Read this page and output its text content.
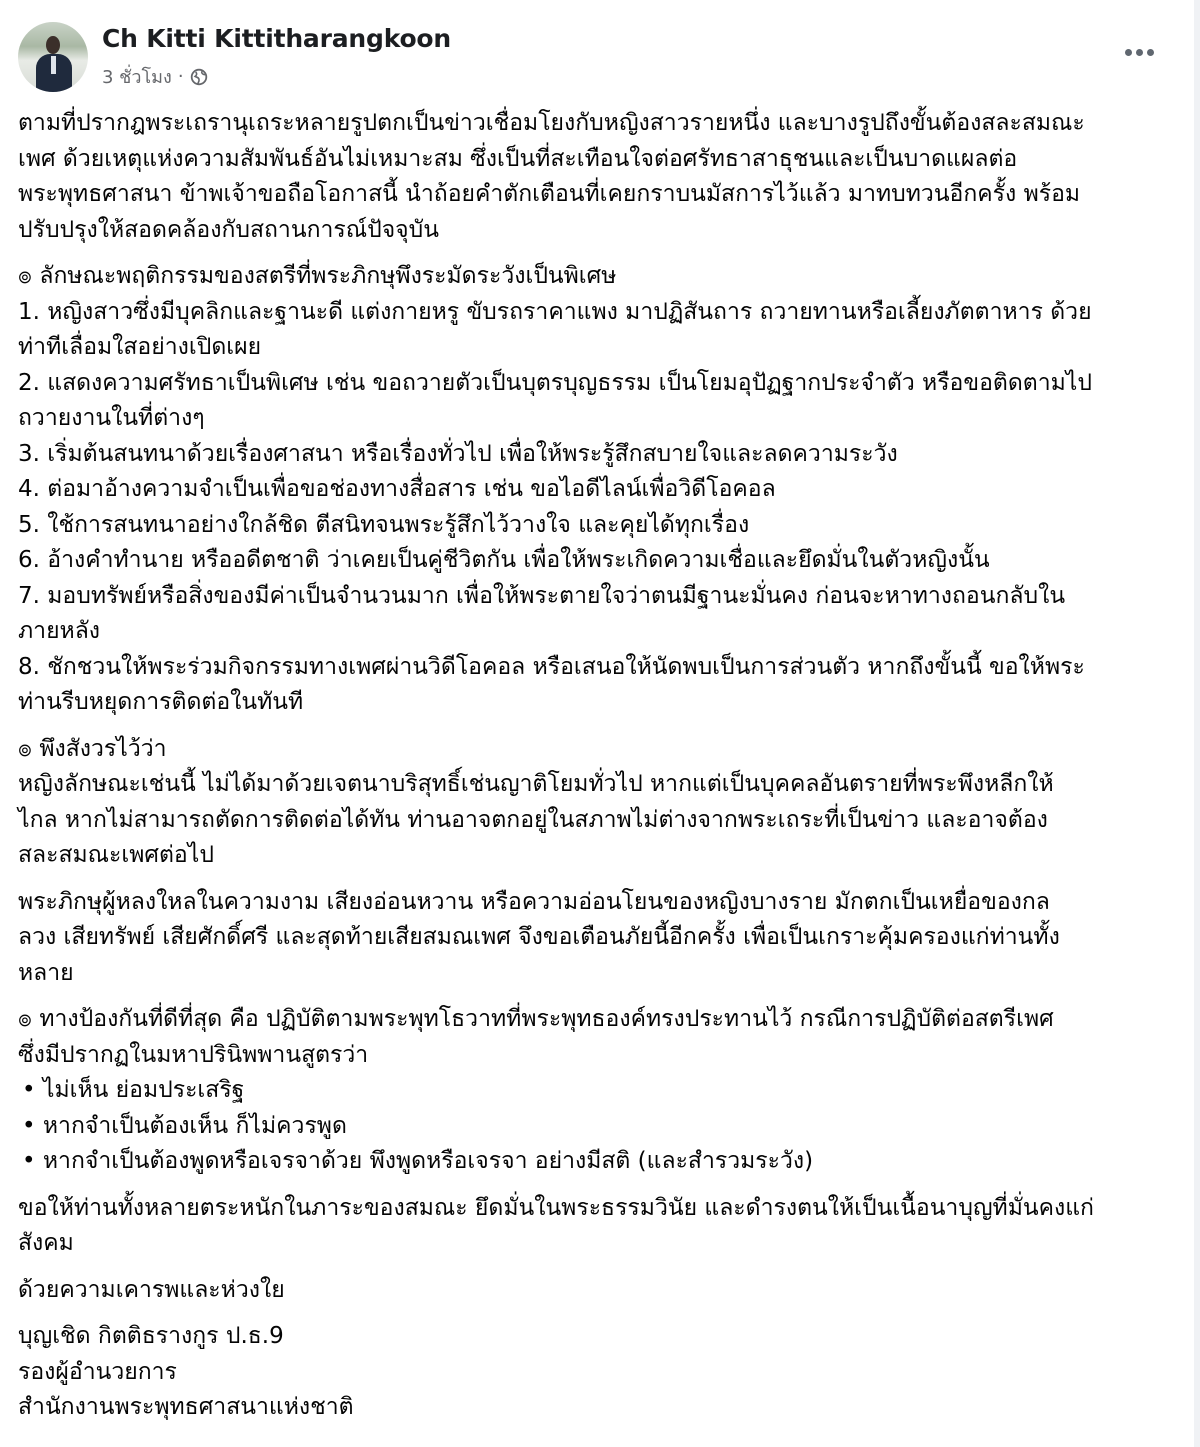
Ch Kitti Kittitharangkoon
3 ชั่วโมง ·
ตามที่ปรากฎพระเถรานุเถระหลายรูปตกเป็นข่าวเชื่อมโยงกับหญิงสาวรายหนึ่ง และบางรูปถึงขั้นต้องสละสมณะ
เพศ ด้วยเหตุแห่งความสัมพันธ์อันไม่เหมาะสม ซึ่งเป็นที่สะเทือนใจต่อศรัทธาสาธุชนและเป็นบาดแผลต่อ
พระพุทธศาสนา ข้าพเจ้าขอถือโอกาสนี้ นำถ้อยคำตักเตือนที่เคยกราบนมัสการไว้แล้ว มาทบทวนอีกครั้ง พร้อม
ปรับปรุงให้สอดคล้องกับสถานการณ์ปัจจุบัน
๏ ลักษณะพฤติกรรมของสตรีที่พระภิกษุพึงระมัดระวังเป็นพิเศษ
1. หญิงสาวซึ่งมีบุคลิกและฐานะดี แต่งกายหรู ขับรถราคาแพง มาปฏิสันถาร ถวายทานหรือเลี้ยงภัตตาหาร ด้วย
ท่าทีเลื่อมใสอย่างเปิดเผย
2. แสดงความศรัทธาเป็นพิเศษ เช่น ขอถวายตัวเป็นบุตรบุญธรรม เป็นโยมอุปัฏฐากประจำตัว หรือขอติดตามไป
ถวายงานในที่ต่างๆ
3. เริ่มต้นสนทนาด้วยเรื่องศาสนา หรือเรื่องทั่วไป เพื่อให้พระรู้สึกสบายใจและลดความระวัง
4. ต่อมาอ้างความจำเป็นเพื่อขอช่องทางสื่อสาร เช่น ขอไอดีไลน์เพื่อวิดีโอคอล
5. ใช้การสนทนาอย่างใกล้ชิด ตีสนิทจนพระรู้สึกไว้วางใจ และคุยได้ทุกเรื่อง
6. อ้างคำทำนาย หรืออดีตชาติ ว่าเคยเป็นคู่ชีวิตกัน เพื่อให้พระเกิดความเชื่อและยึดมั่นในตัวหญิงนั้น
7. มอบทรัพย์หรือสิ่งของมีค่าเป็นจำนวนมาก เพื่อให้พระตายใจว่าตนมีฐานะมั่นคง ก่อนจะหาทางถอนกลับใน
ภายหลัง
8. ชักชวนให้พระร่วมกิจกรรมทางเพศผ่านวิดีโอคอล หรือเสนอให้นัดพบเป็นการส่วนตัว หากถึงขั้นนี้ ขอให้พระ
ท่านรีบหยุดการติดต่อในทันที
๏ พึงสังวรไว้ว่า
หญิงลักษณะเช่นนี้ ไม่ได้มาด้วยเจตนาบริสุทธิ์เช่นญาติโยมทั่วไป หากแต่เป็นบุคคลอันตรายที่พระพึงหลีกให้
ไกล หากไม่สามารถตัดการติดต่อได้ทัน ท่านอาจตกอยู่ในสภาพไม่ต่างจากพระเถระที่เป็นข่าว และอาจต้อง
สละสมณะเพศต่อไป
พระภิกษุผู้หลงใหลในความงาม เสียงอ่อนหวาน หรือความอ่อนโยนของหญิงบางราย มักตกเป็นเหยื่อของกล
ลวง เสียทรัพย์ เสียศักดิ์ศรี และสุดท้ายเสียสมณเพศ จึงขอเตือนภัยนี้อีกครั้ง เพื่อเป็นเกราะคุ้มครองแก่ท่านทั้ง
หลาย
๏ ทางป้องกันที่ดีที่สุด คือ ปฏิบัติตามพระพุทโธวาทที่พระพุทธองค์ทรงประทานไว้ กรณีการปฏิบัติต่อสตรีเพศ
ซึ่งมีปรากฏในมหาปรินิพพานสูตรว่า
• ไม่เห็น ย่อมประเสริฐ
• หากจำเป็นต้องเห็น ก็ไม่ควรพูด
• หากจำเป็นต้องพูดหรือเจรจาด้วย พึงพูดหรือเจรจา อย่างมีสติ (และสำรวมระวัง)
ขอให้ท่านทั้งหลายตระหนักในภาระของสมณะ ยึดมั่นในพระธรรมวินัย และดำรงตนให้เป็นเนื้อนาบุญที่มั่นคงแก่
สังคม
ด้วยความเคารพและห่วงใย
บุญเชิด กิตติธรางกูร ป.ธ.9
รองผู้อำนวยการ
สำนักงานพระพุทธศาสนาแห่งชาติ
